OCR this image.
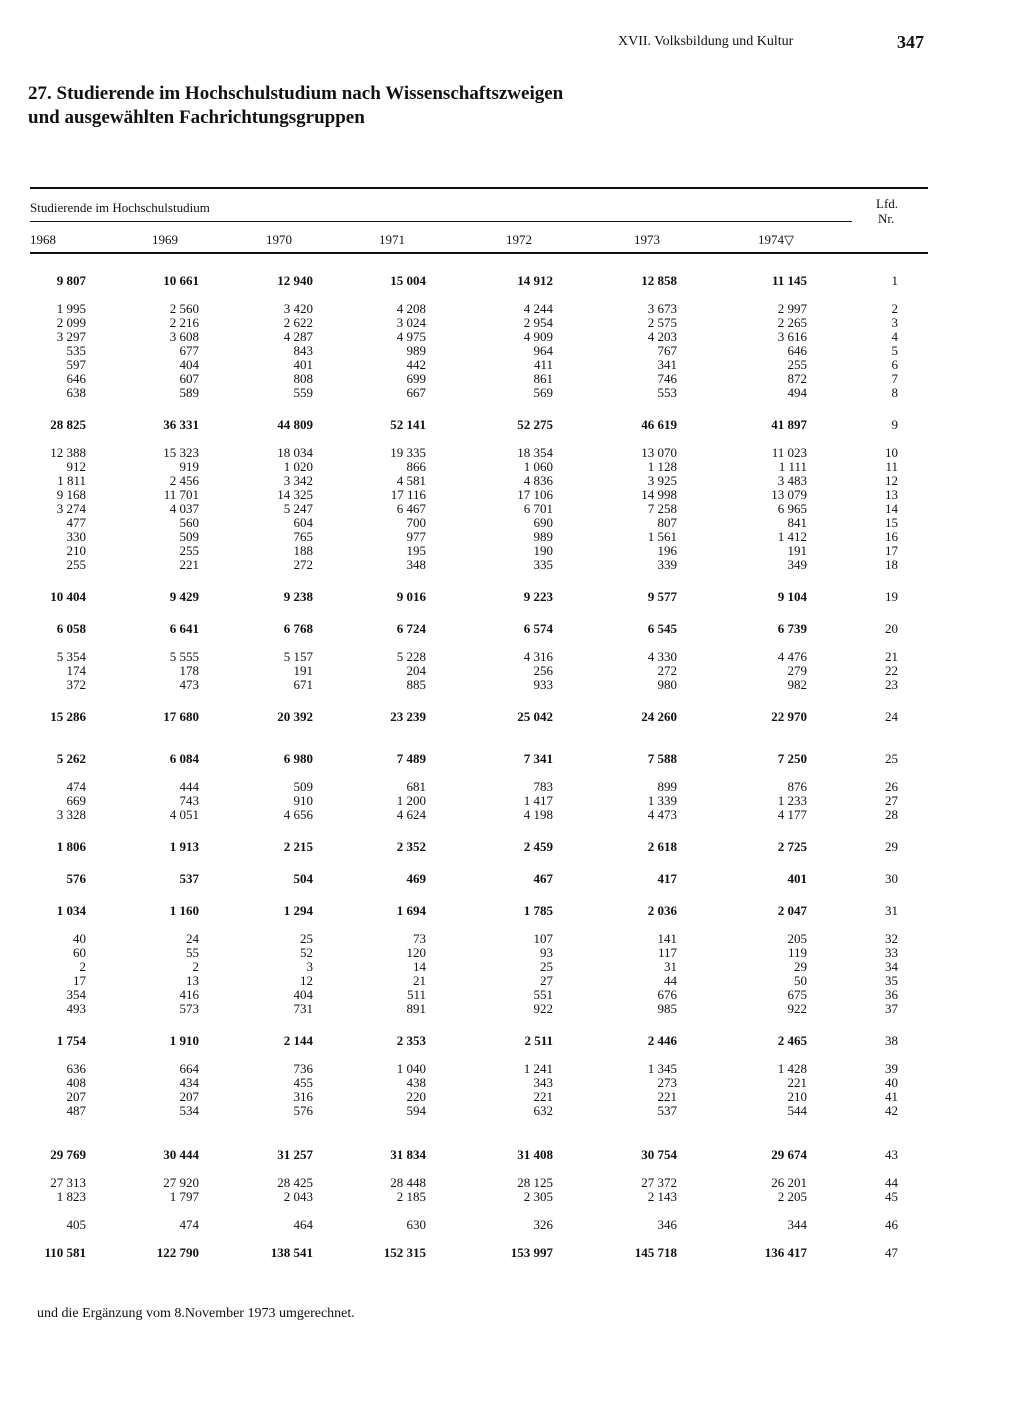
XVII. Volksbildung und Kultur	347
27. Studierende im Hochschulstudium nach Wissenschaftszweigen
und ausgewählten Fachrichtungsgruppen
Studierende im Hochschulstudium	Lfd.
Nr.
1968	1969	1970	1971	1972	1973	1974▽
9 807	10 661	12 940	15 004	14 912	12 858	11 145	1
1 995	2 560	3 420	4 208	4 244	3 673	2 997	2
2 099	2 216	2 622	3 024	2 954	2 575	2 265	3
3 297	3 608	4 287	4 975	4 909	4 203	3 616	4
535	677	843	989	964	767	646	5
597	404	401	442	411	341	255	6
646	607	808	699	861	746	872	7
638	589	559	667	569	553	494	8
28 825	36 331	44 809	52 141	52 275	46 619	41 897	9
12 388	15 323	18 034	19 335	18 354	13 070	11 023	10
912	919	1 020	866	1 060	1 128	1 111	11
1 811	2 456	3 342	4 581	4 836	3 925	3 483	12
9 168	11 701	14 325	17 116	17 106	14 998	13 079	13
3 274	4 037	5 247	6 467	6 701	7 258	6 965	14
477	560	604	700	690	807	841	15
330	509	765	977	989	1 561	1 412	16
210	255	188	195	190	196	191	17
255	221	272	348	335	339	349	18
10 404	9 429	9 238	9 016	9 223	9 577	9 104	19
6 058	6 641	6 768	6 724	6 574	6 545	6 739	20
5 354	5 555	5 157	5 228	4 316	4 330	4 476	21
174	178	191	204	256	272	279	22
372	473	671	885	933	980	982	23
15 286	17 680	20 392	23 239	25 042	24 260	22 970	24
5 262	6 084	6 980	7 489	7 341	7 588	7 250	25
474	444	509	681	783	899	876	26
669	743	910	1 200	1 417	1 339	1 233	27
3 328	4 051	4 656	4 624	4 198	4 473	4 177	28
1 806	1 913	2 215	2 352	2 459	2 618	2 725	29
576	537	504	469	467	417	401	30
1 034	1 160	1 294	1 694	1 785	2 036	2 047	31
40	24	25	73	107	141	205	32
60	55	52	120	93	117	119	33
2	2	3	14	25	31	29	34
17	13	12	21	27	44	50	35
354	416	404	511	551	676	675	36
493	573	731	891	922	985	922	37
1 754	1 910	2 144	2 353	2 511	2 446	2 465	38
636	664	736	1 040	1 241	1 345	1 428	39
408	434	455	438	343	273	221	40
207	207	316	220	221	221	210	41
487	534	576	594	632	537	544	42
29 769	30 444	31 257	31 834	31 408	30 754	29 674	43
27 313	27 920	28 425	28 448	28 125	27 372	26 201	44
1 823	1 797	2 043	2 185	2 305	2 143	2 205	45
405	474	464	630	326	346	344	46
110 581	122 790	138 541	152 315	153 997	145 718	136 417	47
und die Ergänzung vom 8.November 1973 umgerechnet.
